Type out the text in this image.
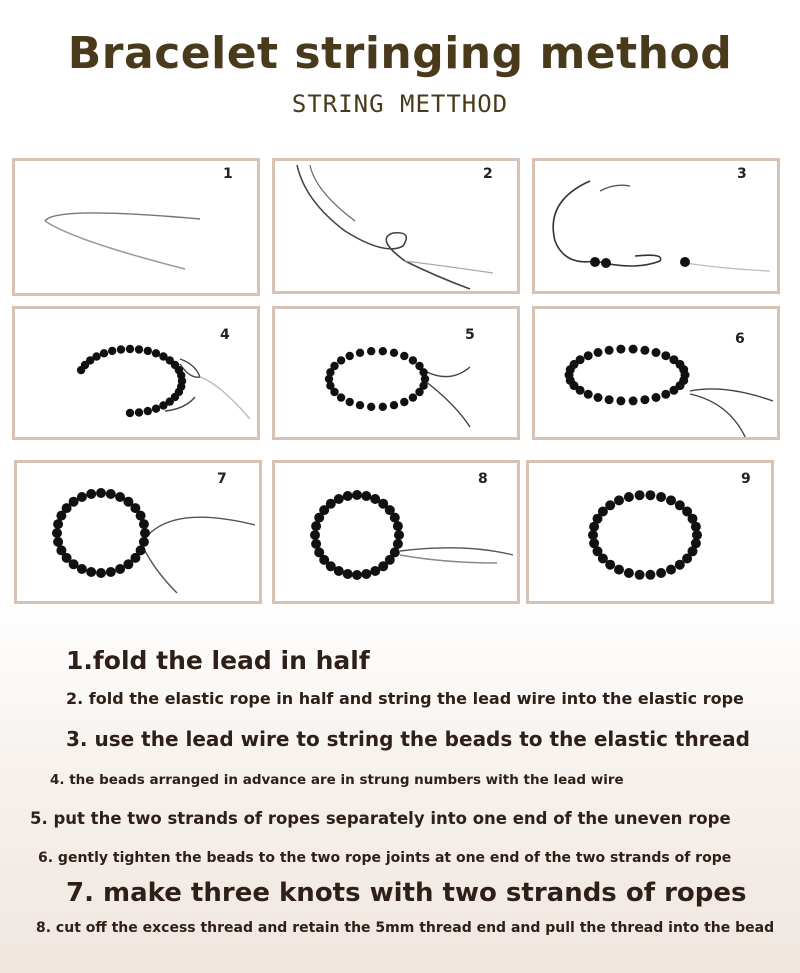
Bracelet stringing method
STRING METTHOD
1	2	3
4	5	6
7	8	9
1.fold the lead in half
2. fold the elastic rope in half and string the lead wire into the elastic rope
3. use the lead wire to string the beads to the elastic thread
4. the beads arranged in advance are in strung numbers with the lead wire
5. put the two strands of ropes separately into one end of the uneven rope
6. gently tighten the beads to the two rope joints at one end of the two strands of rope
7. make three knots with two strands of ropes
8. cut off the excess thread and retain the 5mm thread end and pull the thread into the bead
